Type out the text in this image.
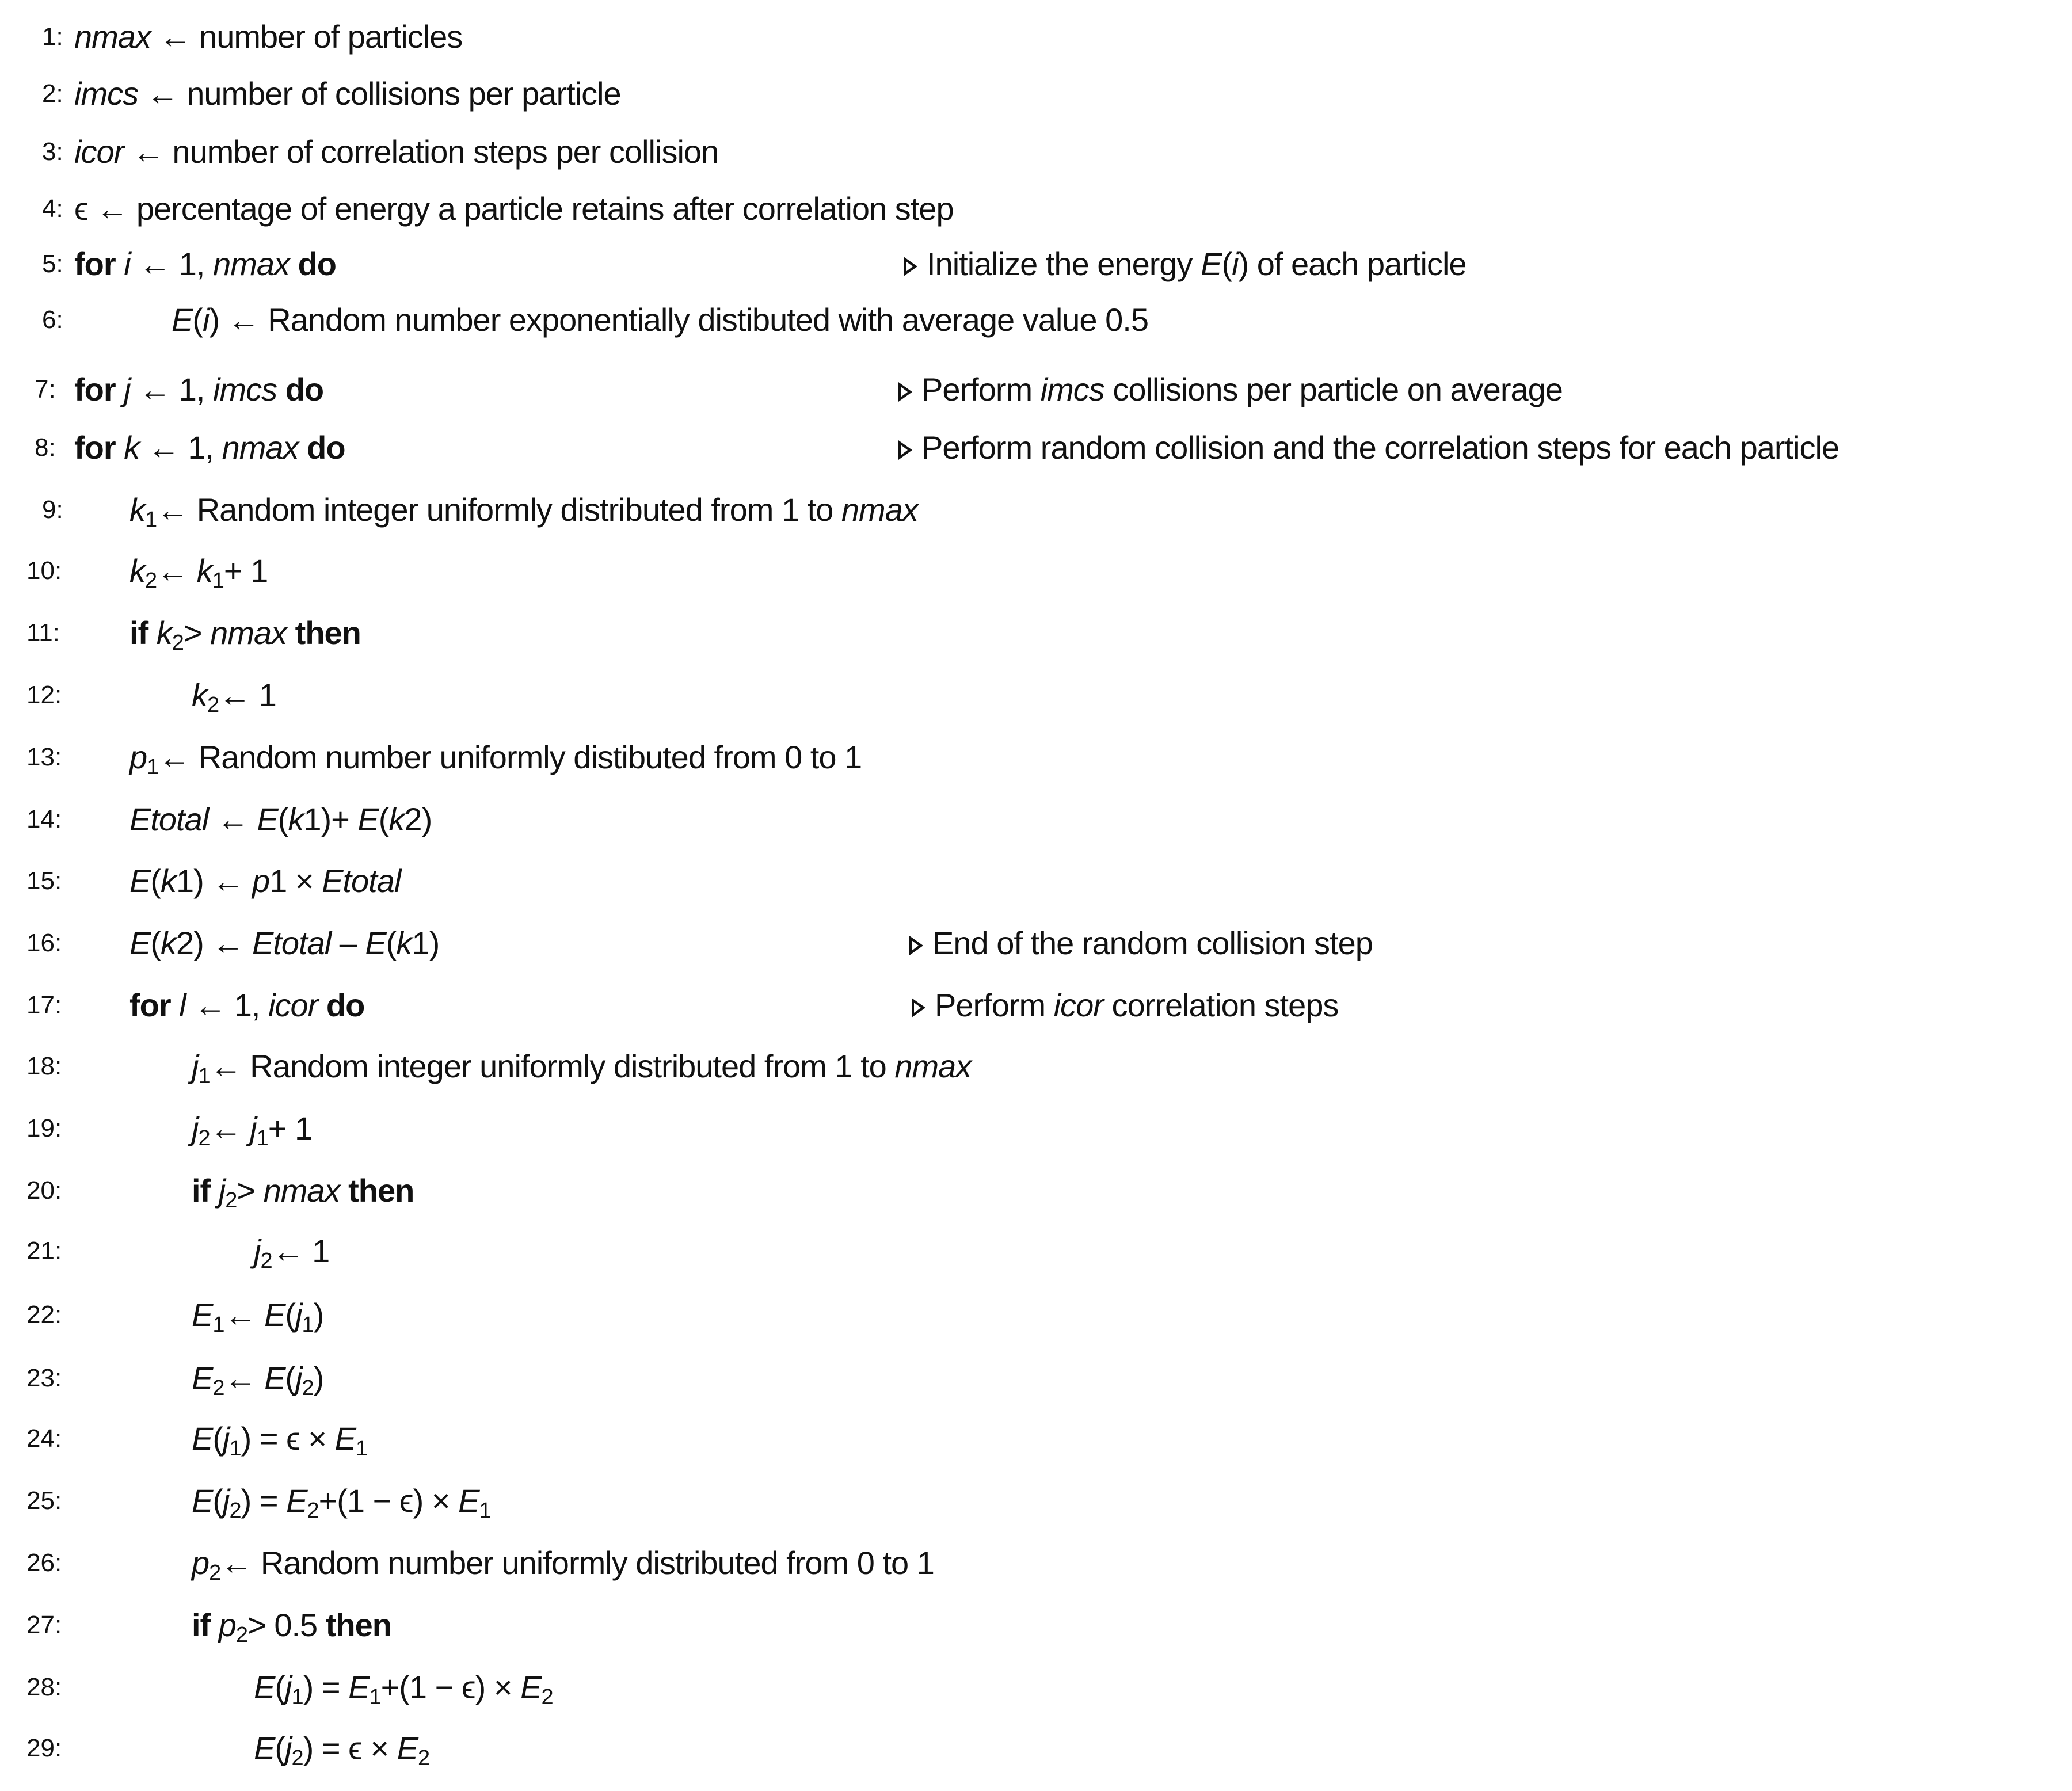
1: nmax ← number of particles
2: imcs ← number of collisions per particle
3: icor ← number of correlation steps per collision
4: ϵ ← percentage of energy a particle retains after correlation step
5: for i ← 1, nmax do	Initialize the energy E(i) of each particle
6:	E(i) ← Random number exponentially distibuted with average value 0.5
7: for j ← 1, imcs do	Perform imcs collisions per particle on average
8: for k ← 1, nmax do	Perform random collision and the correlation steps for each particle
9: $k_1\leftarrow$ Random integer uniformly distributed from 1 to nmax
10: $k_2\leftarrow$ $k_1+ 1$
11: if $k_2> nmax$ then
12:	$k_2\leftarrow$ 1
13: $p_1\leftarrow$ Random number uniformly distibuted from 0 to 1
14: Etotal ← E(k1)+ E(k2)
15: E(k1) ← p1 × Etotal
16: E(k2) ← Etotal – E(k1)	End of the random collision step
17: for l ← 1, icor do	Perform icor correlation steps
18:	$j_1\leftarrow$ Random integer uniformly distributed from 1 to nmax
19:	$j_2\leftarrow$ $j_1+ 1$
20:	if $j_2> nmax$ then
21:	$j_2\leftarrow$ 1
22:	$E_1\leftarrow$ $E(j_1)$
23:	$E_2\leftarrow$ $E(j_2)$
24:	$E(j_1) = \epsilon \times E_1$
25:	$E(j_2) = E_2+(1 - \epsilon) \times E_1$
26:	$p_2\leftarrow$ Random number uniformly distributed from 0 to 1
27:	if $p_2> 0.5$ then
28:	$E(j_1) = E_1+(1 - \epsilon) \times E_2$
29:	$E(j_2) = \epsilon \times E_2$
